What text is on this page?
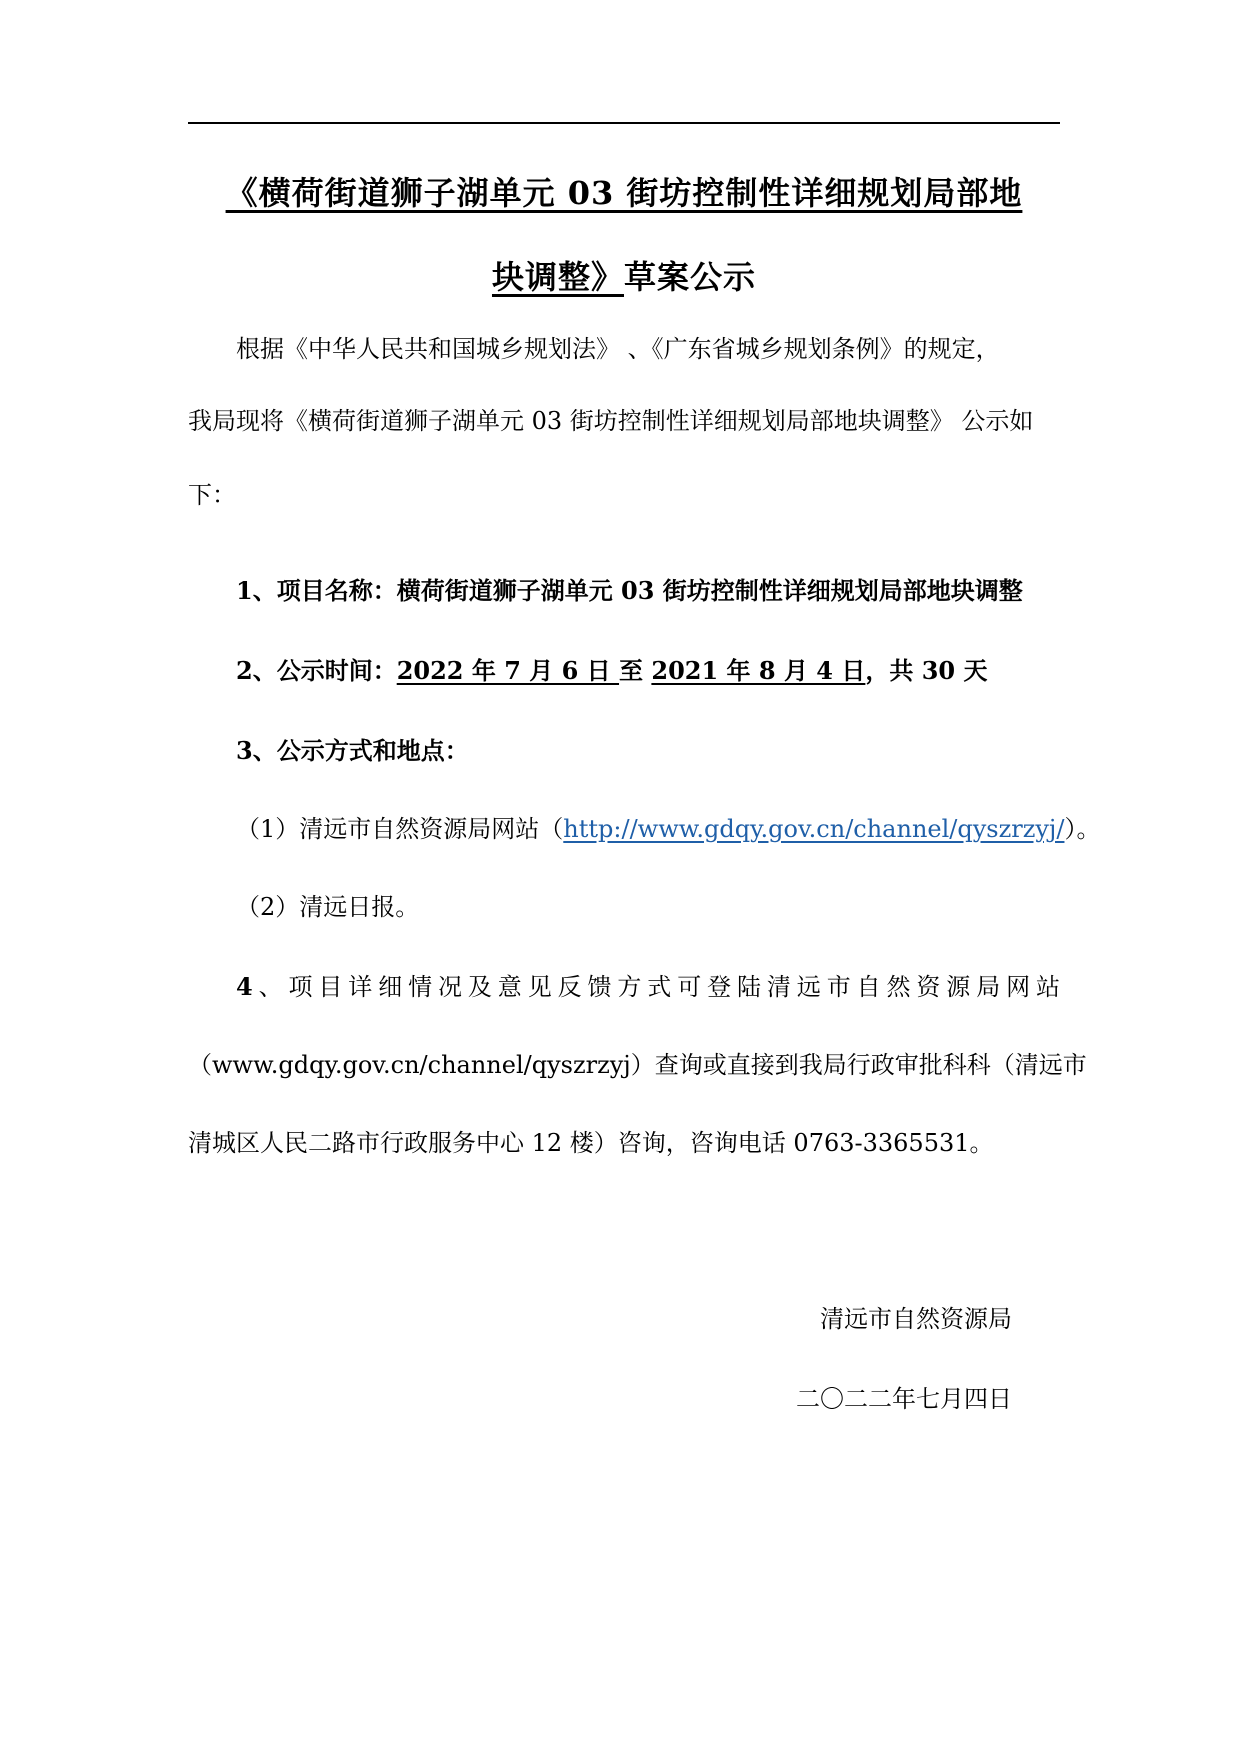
《横荷街道狮子湖单元 03 街坊控制性详细规划局部地
块调整》草案公示
根据《中华人民共和国城乡规划法》 、《广东省城乡规划条例》的规定，
我局现将《横荷街道狮子湖单元 03 街坊控制性详细规划局部地块调整》 公示如
下：
1、项目名称：横荷街道狮子湖单元 03 街坊控制性详细规划局部地块调整
2、公示时间：2022 年 7 月 6 日 至 2021 年 8 月 4 日，共 30 天
3、公示方式和地点：
（1）清远市自然资源局网站（http://www.gdqy.gov.cn/channel/qyszrzyj/）。
（2）清远日报。
4、项目详细情况及意见反馈方式可登陆清远市自然资源局网站
（www.gdqy.gov.cn/channel/qyszrzyj）查询或直接到我局行政审批科科（清远市
清城区人民二路市行政服务中心 12 楼）咨询，咨询电话 0763-3365531。
清远市自然资源局
二〇二二年七月四日
